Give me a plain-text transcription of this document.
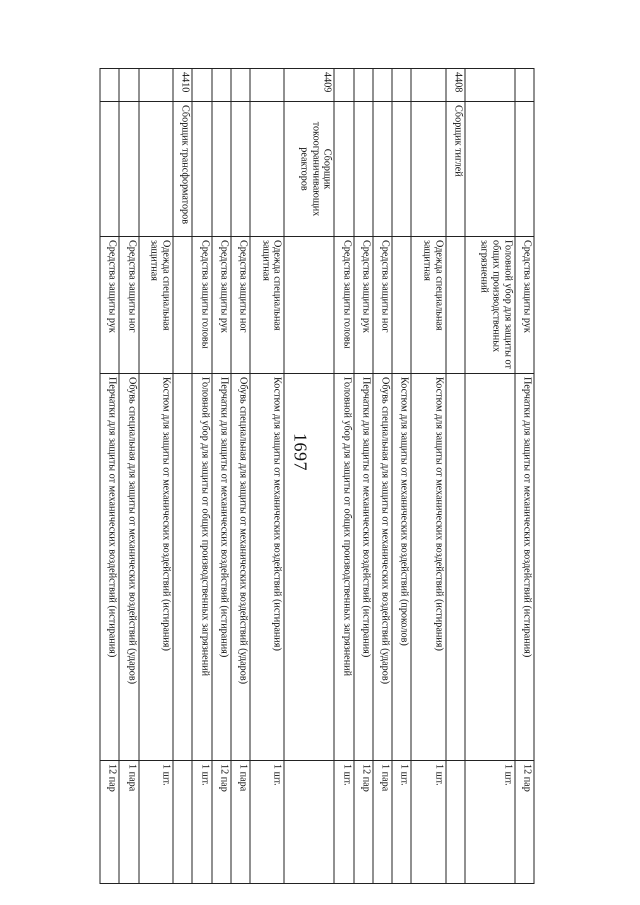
1697
		Средства защиты рук	Перчатки для защиты от механических воздействий (истирания)	12 пар
		Головной убор для защиты от общих производственных загрязнений		1 шт.
4408	Сборщик тиглей			
		Одежда специальная защитная	Костюм для защиты от механических воздействий (истирания)	1 шт.
			Костюм для защиты от механических воздействий (проколов)	1 шт.
		Средства защиты ног	Обувь специальная для защиты от механических воздействий (ударов)	1 пара
		Средства защиты рук	Перчатки для защиты от механических воздействий (истирания)	12 пар
		Средства защиты головы	Головной убор для защиты от общих производственных загрязнений	1 шт.
4409	Сборщик токоограничивающих реакторов			
		Одежда специальная защитная	Костюм для защиты от механических воздействий (истирания)	1 шт.
		Средства защиты ног	Обувь специальная для защиты от механических воздействий (ударов)	1 пара
		Средства защиты рук	Перчатки для защиты от механических воздействий (истирания)	12 пар
		Средства защиты головы	Головной убор для защиты от общих производственных загрязнений	1 шт.
4410	Сборщик трансформаторов			
		Одежда специальная защитная	Костюм для защиты от механических воздействий (истирания)	1 шт.
		Средства защиты ног	Обувь специальная для защиты от механических воздействий (ударов)	1 пара
		Средства защиты рук	Перчатки для защиты от механических воздействий (истирания)	12 пар
